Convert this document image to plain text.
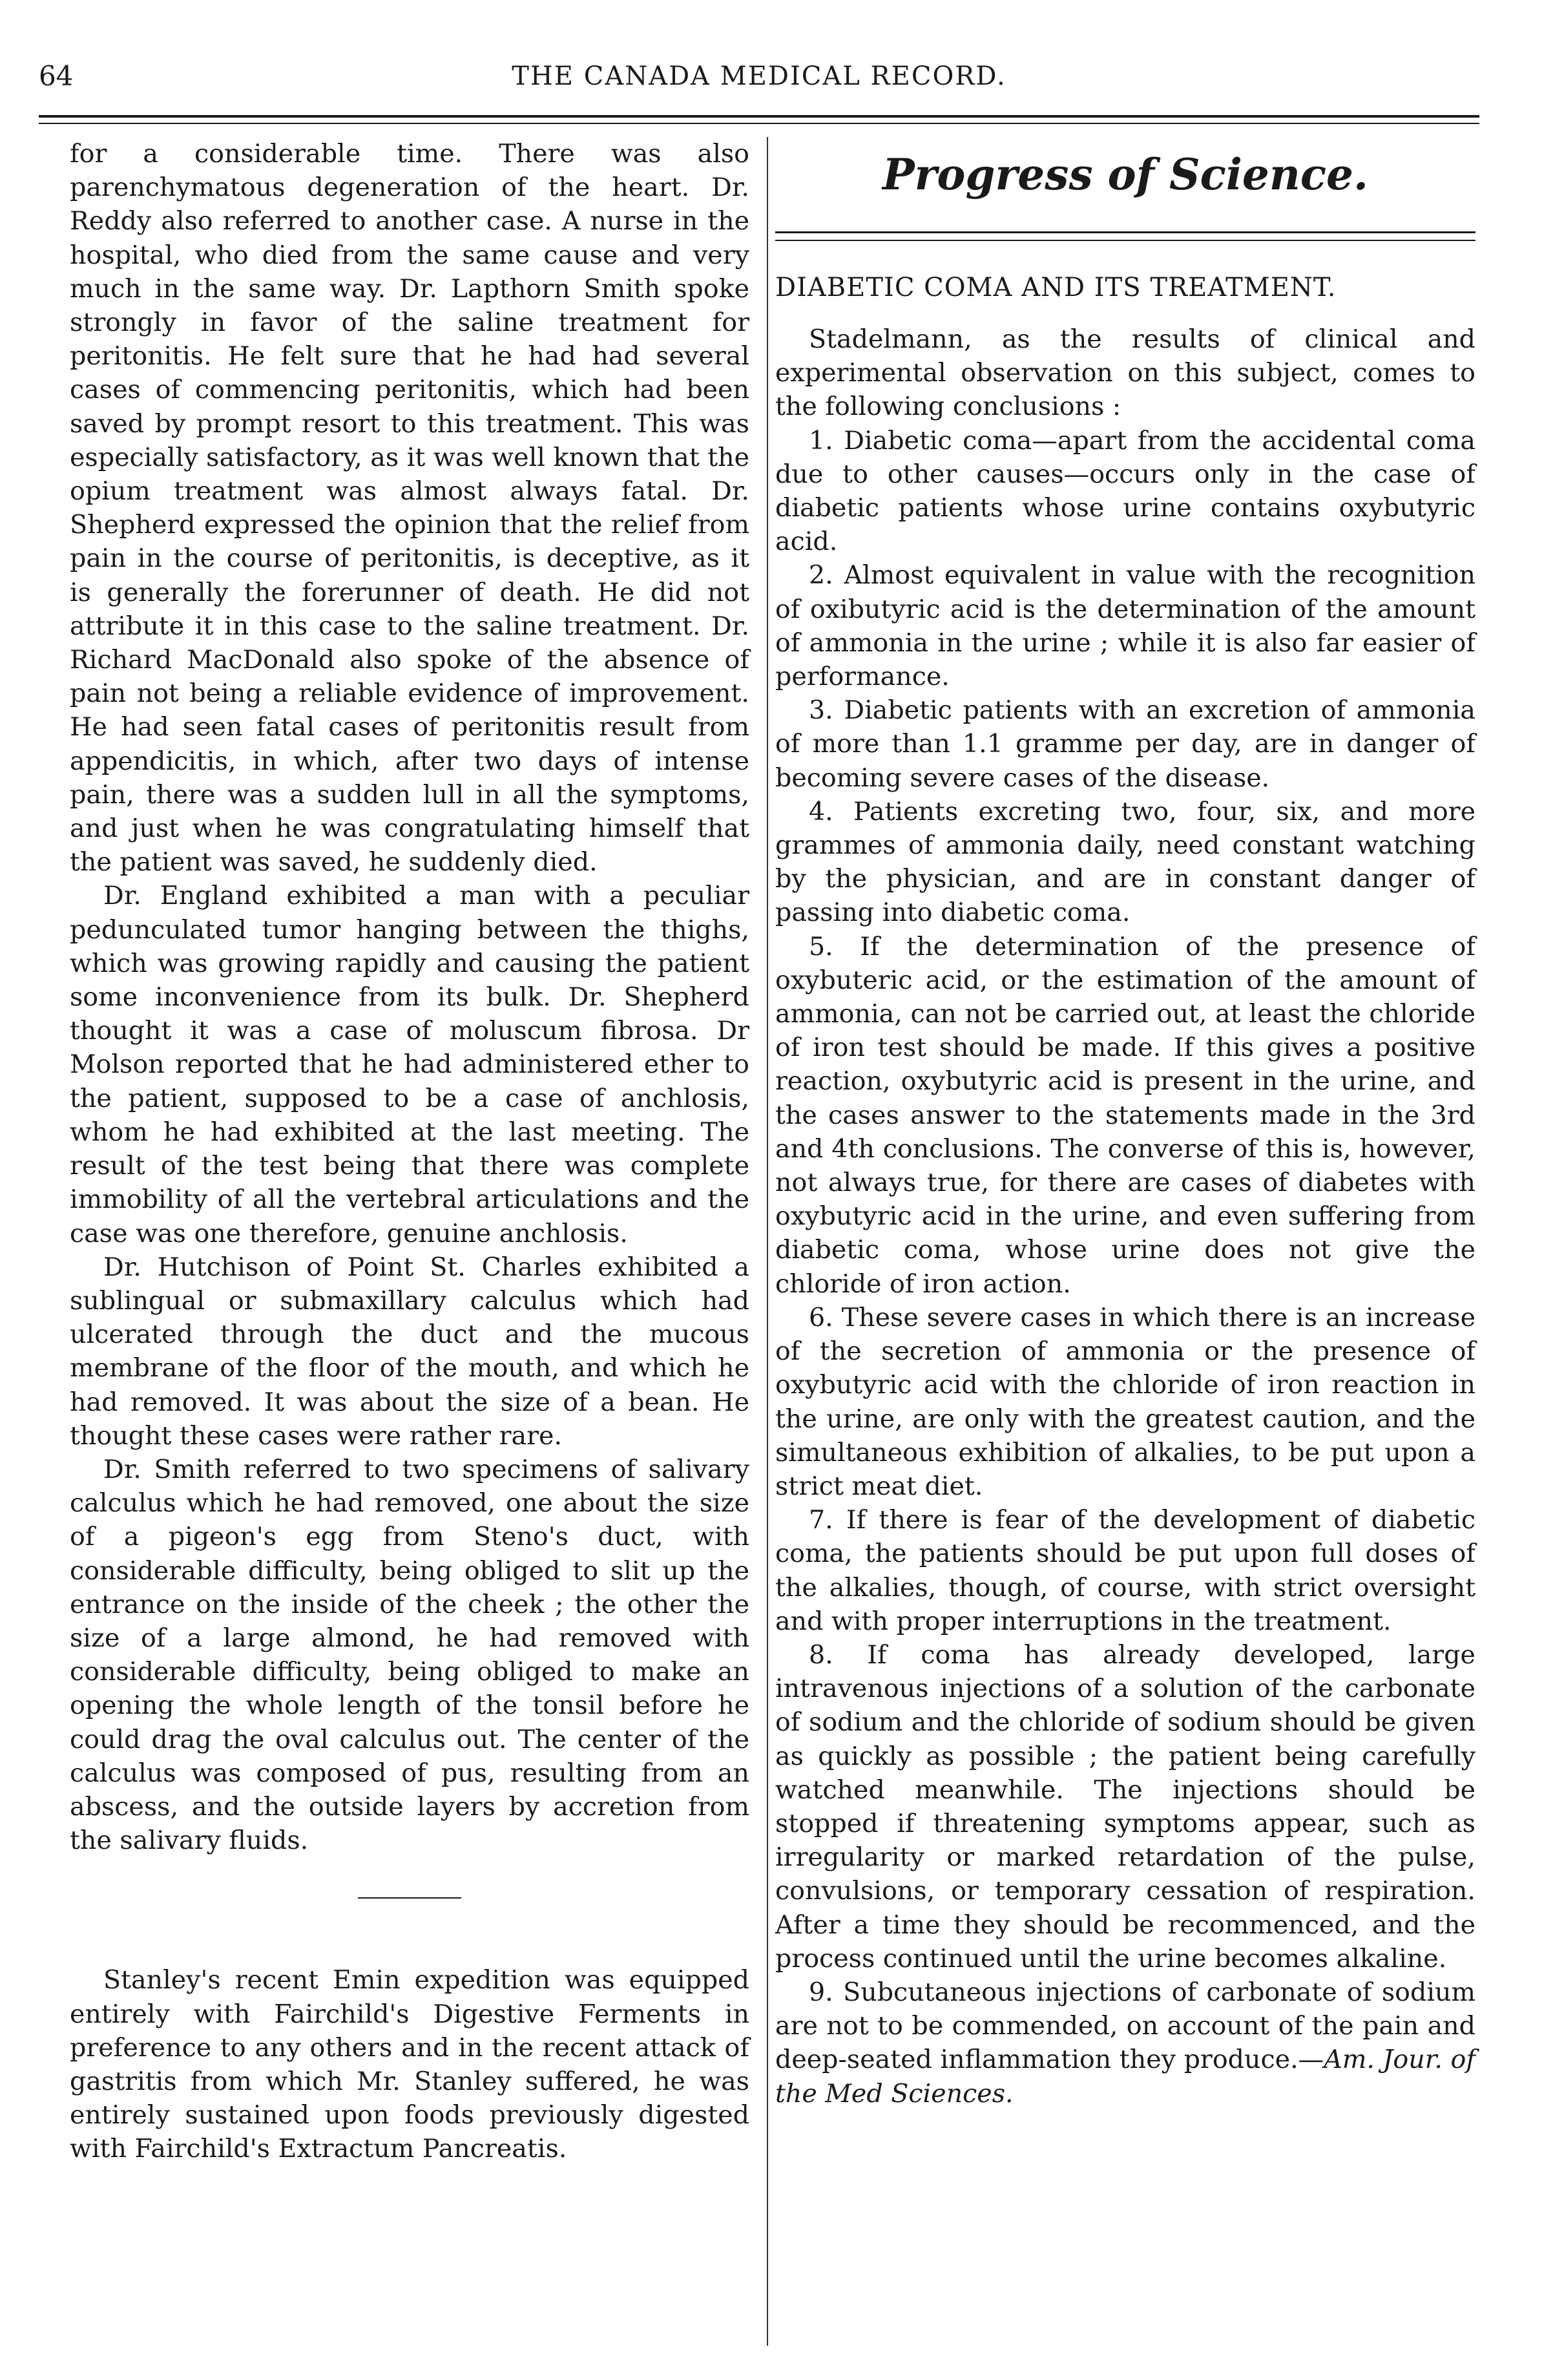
64	THE CANADA MEDICAL RECORD.

for a considerable time. There was also parenchymatous degeneration of the heart. Dr. Reddy also referred to another case. A nurse in the hospital, who died from the same cause and very much in the same way. Dr. Lapthorn Smith spoke strongly in favor of the saline treatment for peritonitis. He felt sure that he had had several cases of commencing peritonitis, which had been saved by prompt resort to this treatment. This was especially satisfactory, as it was well known that the opium treatment was almost always fatal. Dr. Shepherd expressed the opinion that the relief from pain in the course of peritonitis, is deceptive, as it is generally the forerunner of death. He did not attribute it in this case to the saline treatment. Dr. Richard MacDonald also spoke of the absence of pain not being a reliable evidence of improvement. He had seen fatal cases of peritonitis result from appendicitis, in which, after two days of intense pain, there was a sudden lull in all the symptoms, and just when he was congratulating himself that the patient was saved, he suddenly died.

Dr. England exhibited a man with a peculiar pedunculated tumor hanging between the thighs, which was growing rapidly and causing the patient some inconvenience from its bulk. Dr. Shepherd thought it was a case of moluscum fibrosa. Dr Molson reported that he had administered ether to the patient, supposed to be a case of anchlosis, whom he had exhibited at the last meeting. The result of the test being that there was complete immobility of all the vertebral articulations and the case was one therefore, genuine anchlosis.

Dr. Hutchison of Point St. Charles exhibited a sublingual or submaxillary calculus which had ulcerated through the duct and the mucous membrane of the floor of the mouth, and which he had removed. It was about the size of a bean. He thought these cases were rather rare.

Dr. Smith referred to two specimens of salivary calculus which he had removed, one about the size of a pigeon's egg from Steno's duct, with considerable difficulty, being obliged to slit up the entrance on the inside of the cheek ; the other the size of a large almond, he had removed with considerable difficulty, being obliged to make an opening the whole length of the tonsil before he could drag the oval calculus out. The center of the calculus was composed of pus, resulting from an abscess, and the outside layers by accretion from the salivary fluids.

Stanley's recent Emin expedition was equipped entirely with Fairchild's Digestive Ferments in preference to any others and in the recent attack of gastritis from which Mr. Stanley suffered, he was entirely sustained upon foods previously digested with Fairchild's Extractum Pancreatis.

Progress of Science.
DIABETIC COMA AND ITS TREATMENT.

Stadelmann, as the results of clinical and experimental observation on this subject, comes to the following conclusions :

1. Diabetic coma—apart from the accidental coma due to other causes—occurs only in the case of diabetic patients whose urine contains oxybutyric acid.

2. Almost equivalent in value with the recognition of oxibutyric acid is the determination of the amount of ammonia in the urine ; while it is also far easier of performance.

3. Diabetic patients with an excretion of ammonia of more than 1.1 gramme per day, are in danger of becoming severe cases of the disease.

4. Patients excreting two, four, six, and more grammes of ammonia daily, need constant watching by the physician, and are in constant danger of passing into diabetic coma.

5. If the determination of the presence of oxybuteric acid, or the estimation of the amount of ammonia, can not be carried out, at least the chloride of iron test should be made. If this gives a positive reaction, oxybutyric acid is present in the urine, and the cases answer to the statements made in the 3rd and 4th conclusions. The converse of this is, however, not always true, for there are cases of diabetes with oxybutyric acid in the urine, and even suffering from diabetic coma, whose urine does not give the chloride of iron action.

6. These severe cases in which there is an increase of the secretion of ammonia or the presence of oxybutyric acid with the chloride of iron reaction in the urine, are only with the greatest caution, and the simultaneous exhibition of alkalies, to be put upon a strict meat diet.

7. If there is fear of the development of diabetic coma, the patients should be put upon full doses of the alkalies, though, of course, with strict oversight and with proper interruptions in the treatment.

8. If coma has already developed, large intravenous injections of a solution of the carbonate of sodium and the chloride of sodium should be given as quickly as possible ; the patient being carefully watched meanwhile. The injections should be stopped if threatening symptoms appear, such as irregularity or marked retardation of the pulse, convulsions, or temporary cessation of respiration. After a time they should be recommenced, and the process continued until the urine becomes alkaline.

9. Subcutaneous injections of carbonate of sodium are not to be commended, on account of the pain and deep-seated inflammation they produce.—Am. Jour. of the Med Sciences.
